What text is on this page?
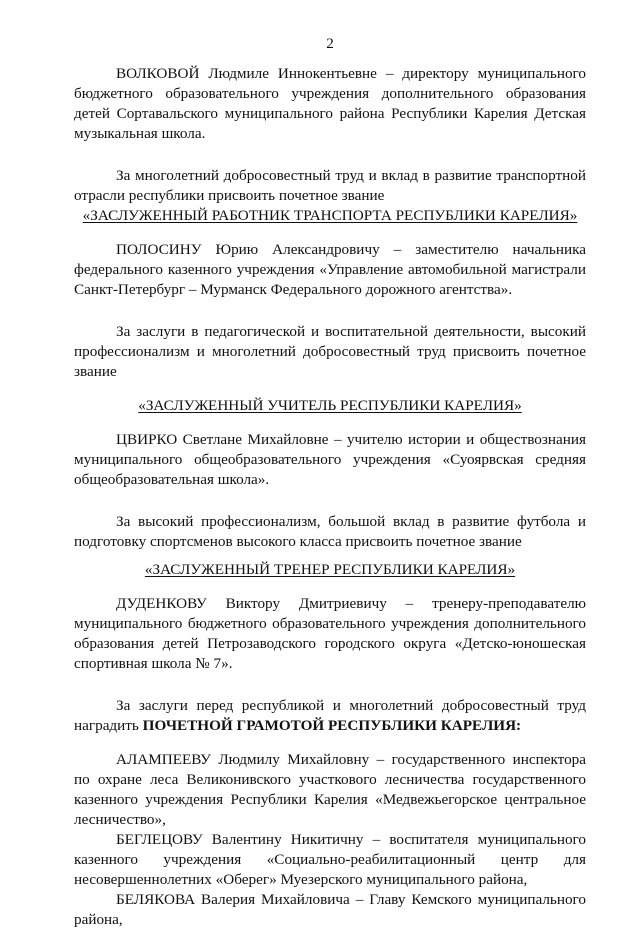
2

ВОЛКОВОЙ Людмиле Иннокентьевне – директору муниципального бюджетного образовательного учреждения дополнительного образования детей Сортавальского муниципального района Республики Карелия Детская музыкальная школа.

За многолетний добросовестный труд и вклад в развитие транспортной отрасли республики присвоить почетное звание

«ЗАСЛУЖЕННЫЙ РАБОТНИК ТРАНСПОРТА РЕСПУБЛИКИ КАРЕЛИЯ»

ПОЛОСИНУ Юрию Александровичу – заместителю начальника федерального казенного учреждения «Управление автомобильной магистрали Санкт-Петербург – Мурманск Федерального дорожного агентства».

За заслуги в педагогической и воспитательной деятельности, высокий профессионализм и многолетний добросовестный труд присвоить почетное звание

«ЗАСЛУЖЕННЫЙ УЧИТЕЛЬ РЕСПУБЛИКИ КАРЕЛИЯ»

ЦВИРКО Светлане Михайловне – учителю истории и обществознания муниципального общеобразовательного учреждения «Суоярвская средняя общеобразовательная школа».

За высокий профессионализм, большой вклад в развитие футбола и подготовку спортсменов высокого класса присвоить почетное звание

«ЗАСЛУЖЕННЫЙ ТРЕНЕР РЕСПУБЛИКИ КАРЕЛИЯ»

ДУДЕНКОВУ Виктору Дмитриевичу – тренеру-преподавателю муниципального бюджетного образовательного учреждения дополнительного образования детей Петрозаводского городского округа «Детско-юношеская спортивная школа № 7».

За заслуги перед республикой и многолетний добросовестный труд наградить ПОЧЕТНОЙ ГРАМОТОЙ РЕСПУБЛИКИ КАРЕЛИЯ:

АЛАМПЕЕВУ Людмилу Михайловну – государственного инспектора по охране леса Великонивского участкового лесничества государственного казенного учреждения Республики Карелия «Медвежьегорское центральное лесничество»,

БЕГЛЕЦОВУ Валентину Никитичну – воспитателя муниципального казенного учреждения «Социально-реабилитационный центр для несовершеннолетних «Оберег» Муезерского муниципального района,

БЕЛЯКОВА Валерия Михайловича – Главу Кемского муниципального района,
